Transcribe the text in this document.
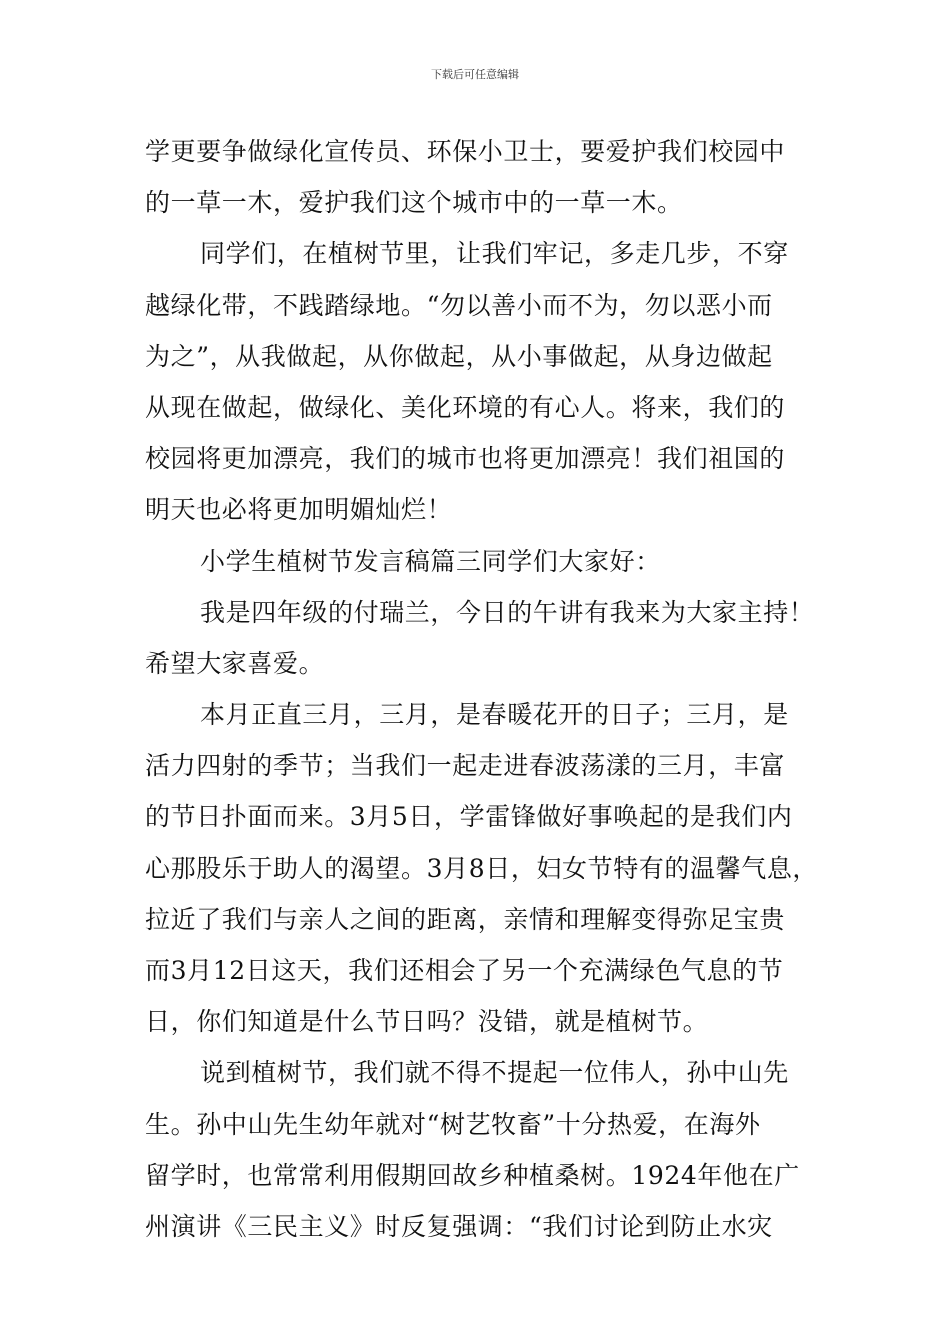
下载后可任意编辑
学更要争做绿化宣传员、环保小卫士，要爱护我们校园中
的一草一木，爱护我们这个城市中的一草一木。
同学们，在植树节里，让我们牢记，多走几步，不穿
越绿化带，不践踏绿地。“勿以善小而不为，勿以恶小而
为之”，从我做起，从你做起，从小事做起，从身边做起
从现在做起，做绿化、美化环境的有心人。将来，我们的
校园将更加漂亮，我们的城市也将更加漂亮！我们祖国的
明天也必将更加明媚灿烂！
小学生植树节发言稿篇三同学们大家好：
我是四年级的付瑞兰，今日的午讲有我来为大家主持！
希望大家喜爱。
本月正直三月，三月，是春暖花开的日子；三月，是
活力四射的季节；当我们一起走进春波荡漾的三月，丰富
的节日扑面而来。3月5日，学雷锋做好事唤起的是我们内
心那股乐于助人的渴望。3月8日，妇女节特有的温馨气息，
拉近了我们与亲人之间的距离，亲情和理解变得弥足宝贵
而3月12日这天，我们还相会了另一个充满绿色气息的节
日，你们知道是什么节日吗？没错，就是植树节。
说到植树节，我们就不得不提起一位伟人，孙中山先
生。孙中山先生幼年就对“树艺牧畜”十分热爱，在海外
留学时，也常常利用假期回故乡种植桑树。1924年他在广
州演讲《三民主义》时反复强调：“我们讨论到防止水灾
